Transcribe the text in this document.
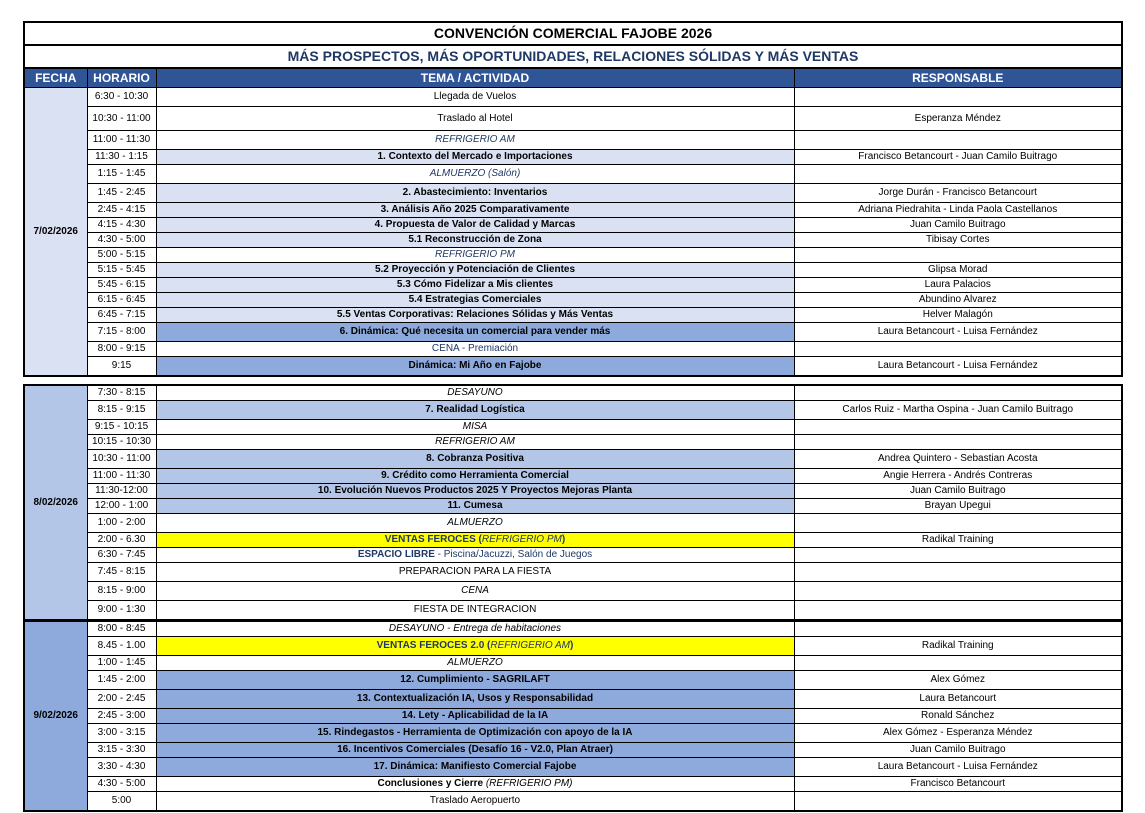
CONVENCIÓN COMERCIAL FAJOBE 2026			
MÁS PROSPECTOS, MÁS OPORTUNIDADES, RELACIONES SÓLIDAS Y MÁS VENTAS			
FECHA	HORARIO	TEMA / ACTIVIDAD	RESPONSABLE
7/02/2026	6:30 - 10:30	Llegada de Vuelos	
	10:30 - 11:00	Traslado al Hotel	Esperanza Méndez
	11:00 - 11:30	REFRIGERIO AM	
	11:30 - 1:15	1. Contexto del Mercado e Importaciones	Francisco Betancourt - Juan Camilo Buitrago
	1:15 - 1:45	ALMUERZO (Salón)	
	1:45 - 2:45	2. Abastecimiento: Inventarios	Jorge Durán - Francisco Betancourt
	2:45 - 4:15	3. Análisis Año 2025 Comparativamente	Adriana Piedrahita - Linda Paola Castellanos
	4:15 - 4:30	4. Propuesta de Valor de Calidad y Marcas	Juan Camilo Buitrago
	4:30 - 5:00	5.1 Reconstrucción de Zona	Tibisay Cortes
	5:00 - 5:15	REFRIGERIO PM	
	5:15 - 5:45	5.2 Proyección y Potenciación de Clientes	Glipsa Morad
	5:45 - 6:15	5.3 Cómo Fidelizar a Mis clientes	Laura Palacios
	6:15 - 6:45	5.4 Estrategias Comerciales	Abundino Alvarez
	6:45 - 7:15	5.5 Ventas Corporativas: Relaciones Sólidas y Más Ventas	Helver Malagón
	7:15 - 8:00	6. Dinámica: Qué necesita un comercial para vender más	Laura Betancourt - Luisa Fernández
	8:00 - 9:15	CENA - Premiación	
	9:15	Dinámica: Mi Año en Fajobe	Laura Betancourt - Luisa Fernández
8/02/2026	7:30 - 8:15	DESAYUNO	
	8:15 - 9:15	7. Realidad Logística	Carlos Ruiz - Martha Ospina - Juan Camilo Buitrago
	9:15 - 10:15	MISA	
	10:15 - 10:30	REFRIGERIO AM	
	10:30 - 11:00	8. Cobranza Positiva	Andrea Quintero - Sebastian Acosta
	11:00 - 11:30	9. Crédito como Herramienta Comercial	Angie Herrera - Andrés Contreras
	11:30-12:00	10. Evolución Nuevos Productos 2025 Y Proyectos Mejoras Planta	Juan Camilo Buitrago
	12:00 - 1:00	11. Cumesa	Brayan Upegui
	1:00 - 2:00	ALMUERZO	
	2:00 - 6.30	VENTAS FEROCES (REFRIGERIO PM)	Radikal Training
	6:30 - 7:45	ESPACIO LIBRE - Piscina/Jacuzzi, Salón de Juegos	
	7:45 - 8:15	PREPARACION PARA LA FIESTA	
	8:15 - 9:00	CENA	
	9:00 - 1:30	FIESTA DE INTEGRACION	
9/02/2026	8:00 - 8:45	DESAYUNO - Entrega de habitaciones	
	8.45 - 1.00	VENTAS FEROCES 2.0 (REFRIGERIO AM)	Radikal Training
	1:00 - 1:45	ALMUERZO	
	1:45 - 2:00	12. Cumplimiento - SAGRILAFT	Alex Gómez
	2:00 - 2:45	13. Contextualización IA, Usos y Responsabilidad	Laura Betancourt
	2:45 - 3:00	14. Lety - Aplicabilidad de la IA	Ronald Sánchez
	3:00 - 3:15	15. Rindegastos - Herramienta de Optimización con apoyo de la IA	Alex Gómez - Esperanza Méndez
	3:15 - 3:30	16. Incentivos Comerciales (Desafío 16 - V2.0, Plan Atraer)	Juan Camilo Buitrago
	3:30 - 4:30	17. Dinámica: Manifiesto Comercial Fajobe	Laura Betancourt - Luisa Fernández
	4:30 - 5:00	Conclusiones y Cierre (REFRIGERIO PM)	Francisco Betancourt
	5:00	Traslado Aeropuerto	
